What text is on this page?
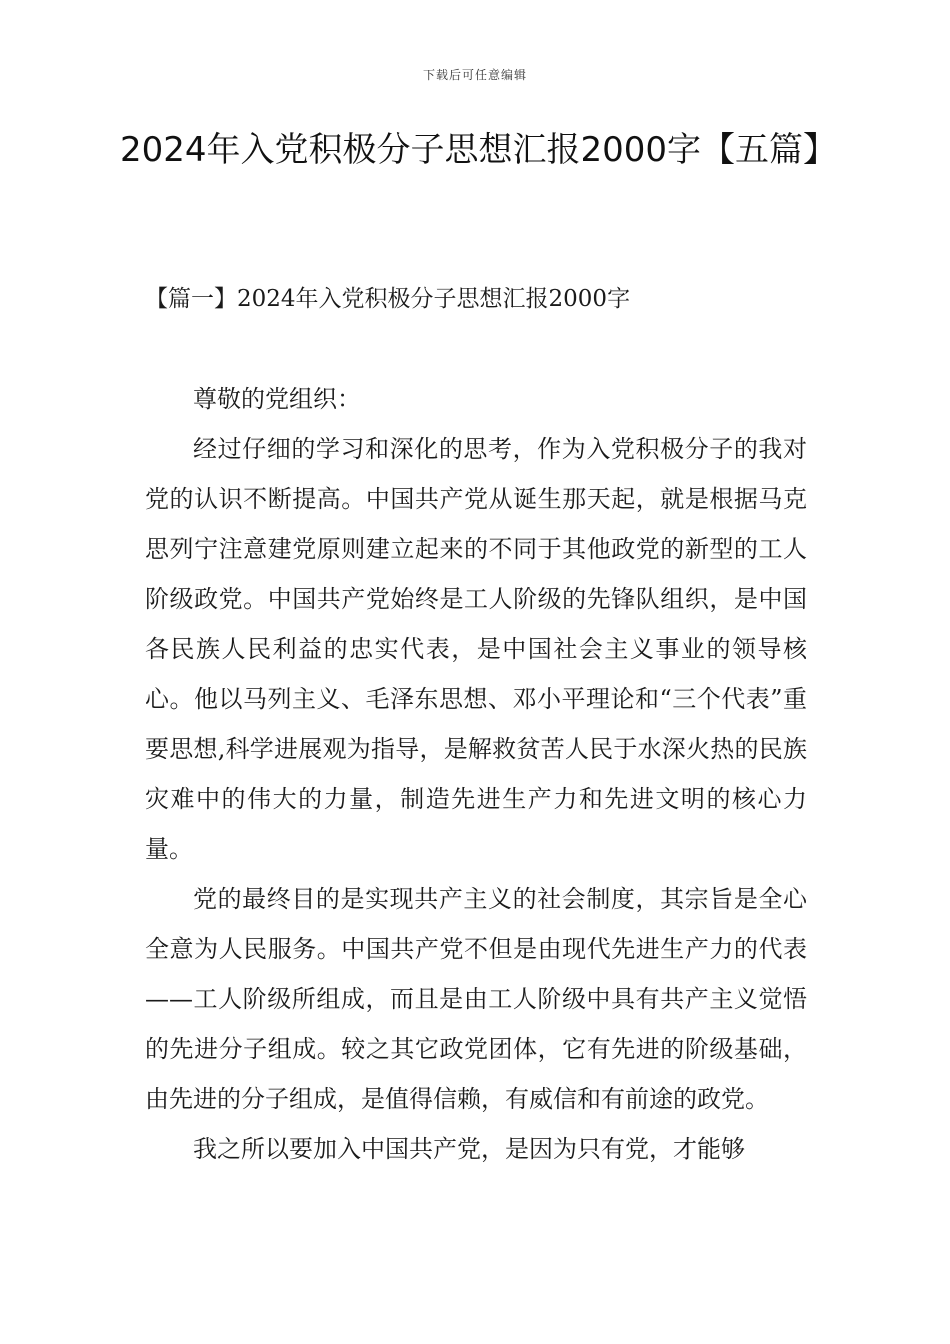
下载后可任意编辑
2024年入党积极分子思想汇报2000字【五篇】
【篇一】2024年入党积极分子思想汇报2000字

尊敬的党组织：

经过仔细的学习和深化的思考，作为入党积极分子的我对党的认识不断提高。中国共产党从诞生那天起，就是根据马克思列宁注意建党原则建立起来的不同于其他政党的新型的工人阶级政党。中国共产党始终是工人阶级的先锋队组织，是中国各民族人民利益的忠实代表，是中国社会主义事业的领导核心。他以马列主义、毛泽东思想、邓小平理论和“三个代表”重要思想,科学进展观为指导，是解救贫苦人民于水深火热的民族灾难中的伟大的力量，制造先进生产力和先进文明的核心力量。

党的最终目的是实现共产主义的社会制度，其宗旨是全心全意为人民服务。中国共产党不但是由现代先进生产力的代表——工人阶级所组成，而且是由工人阶级中具有共产主义觉悟的先进分子组成。较之其它政党团体，它有先进的阶级基础，由先进的分子组成，是值得信赖，有威信和有前途的政党。

我之所以要加入中国共产党，是因为只有党，才能够
